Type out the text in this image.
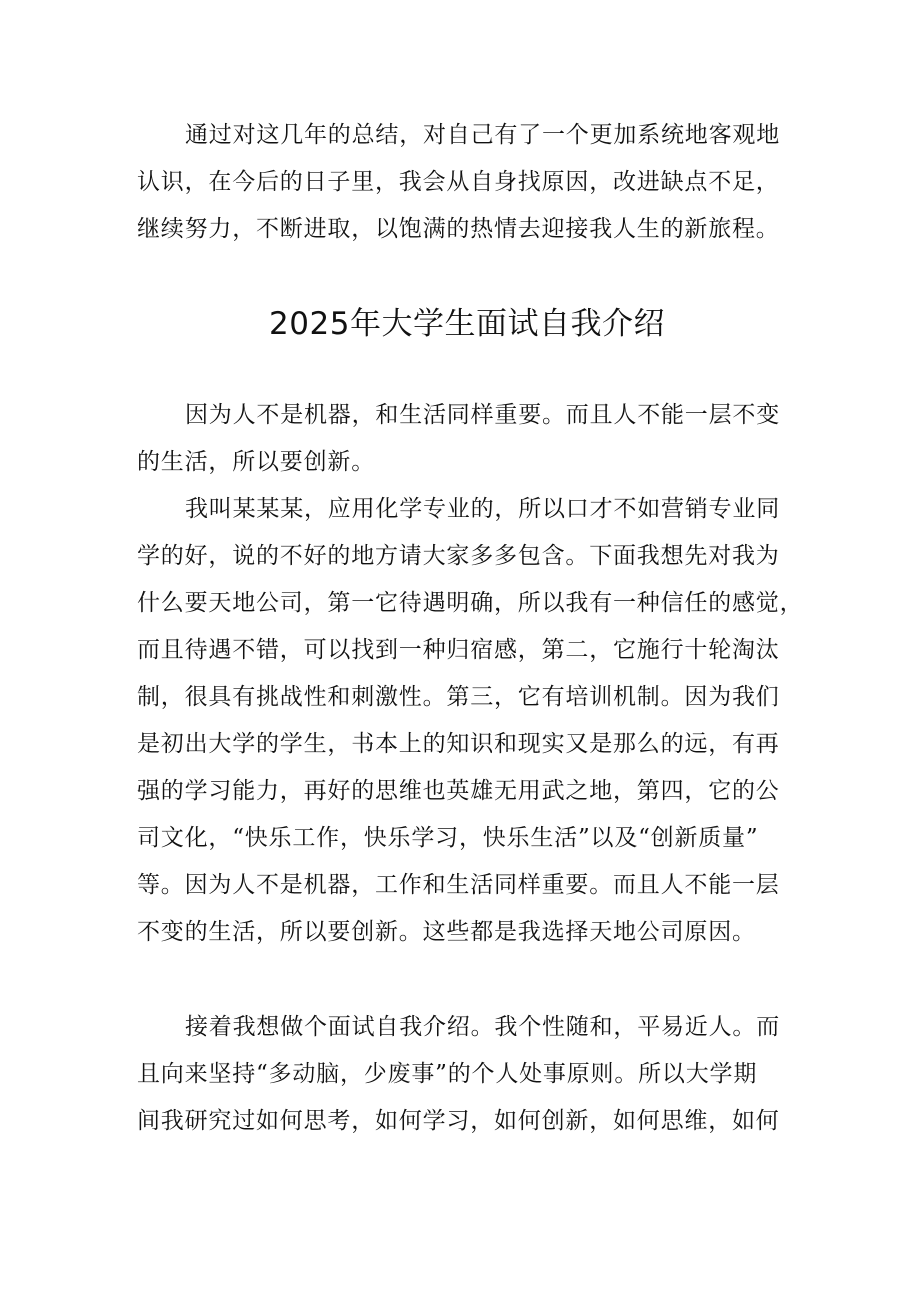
通过对这几年的总结，对自己有了一个更加系统地客观地
认识，在今后的日子里，我会从自身找原因，改进缺点不足，
继续努力，不断进取，以饱满的热情去迎接我人生的新旅程。
2025年大学生面试自我介绍
因为人不是机器，和生活同样重要。而且人不能一层不变
的生活，所以要创新。
我叫某某某，应用化学专业的，所以口才不如营销专业同
学的好，说的不好的地方请大家多多包含。下面我想先对我为
什么要天地公司，第一它待遇明确，所以我有一种信任的感觉，
而且待遇不错，可以找到一种归宿感，第二，它施行十轮淘汰
制，很具有挑战性和刺激性。第三，它有培训机制。因为我们
是初出大学的学生，书本上的知识和现实又是那么的远，有再
强的学习能力，再好的思维也英雄无用武之地，第四，它的公
司文化，“快乐工作，快乐学习，快乐生活”以及“创新质量”
等。因为人不是机器，工作和生活同样重要。而且人不能一层
不变的生活，所以要创新。这些都是我选择天地公司原因。
接着我想做个面试自我介绍。我个性随和，平易近人。而
且向来坚持“多动脑，少废事”的个人处事原则。所以大学期
间我研究过如何思考，如何学习，如何创新，如何思维，如何
